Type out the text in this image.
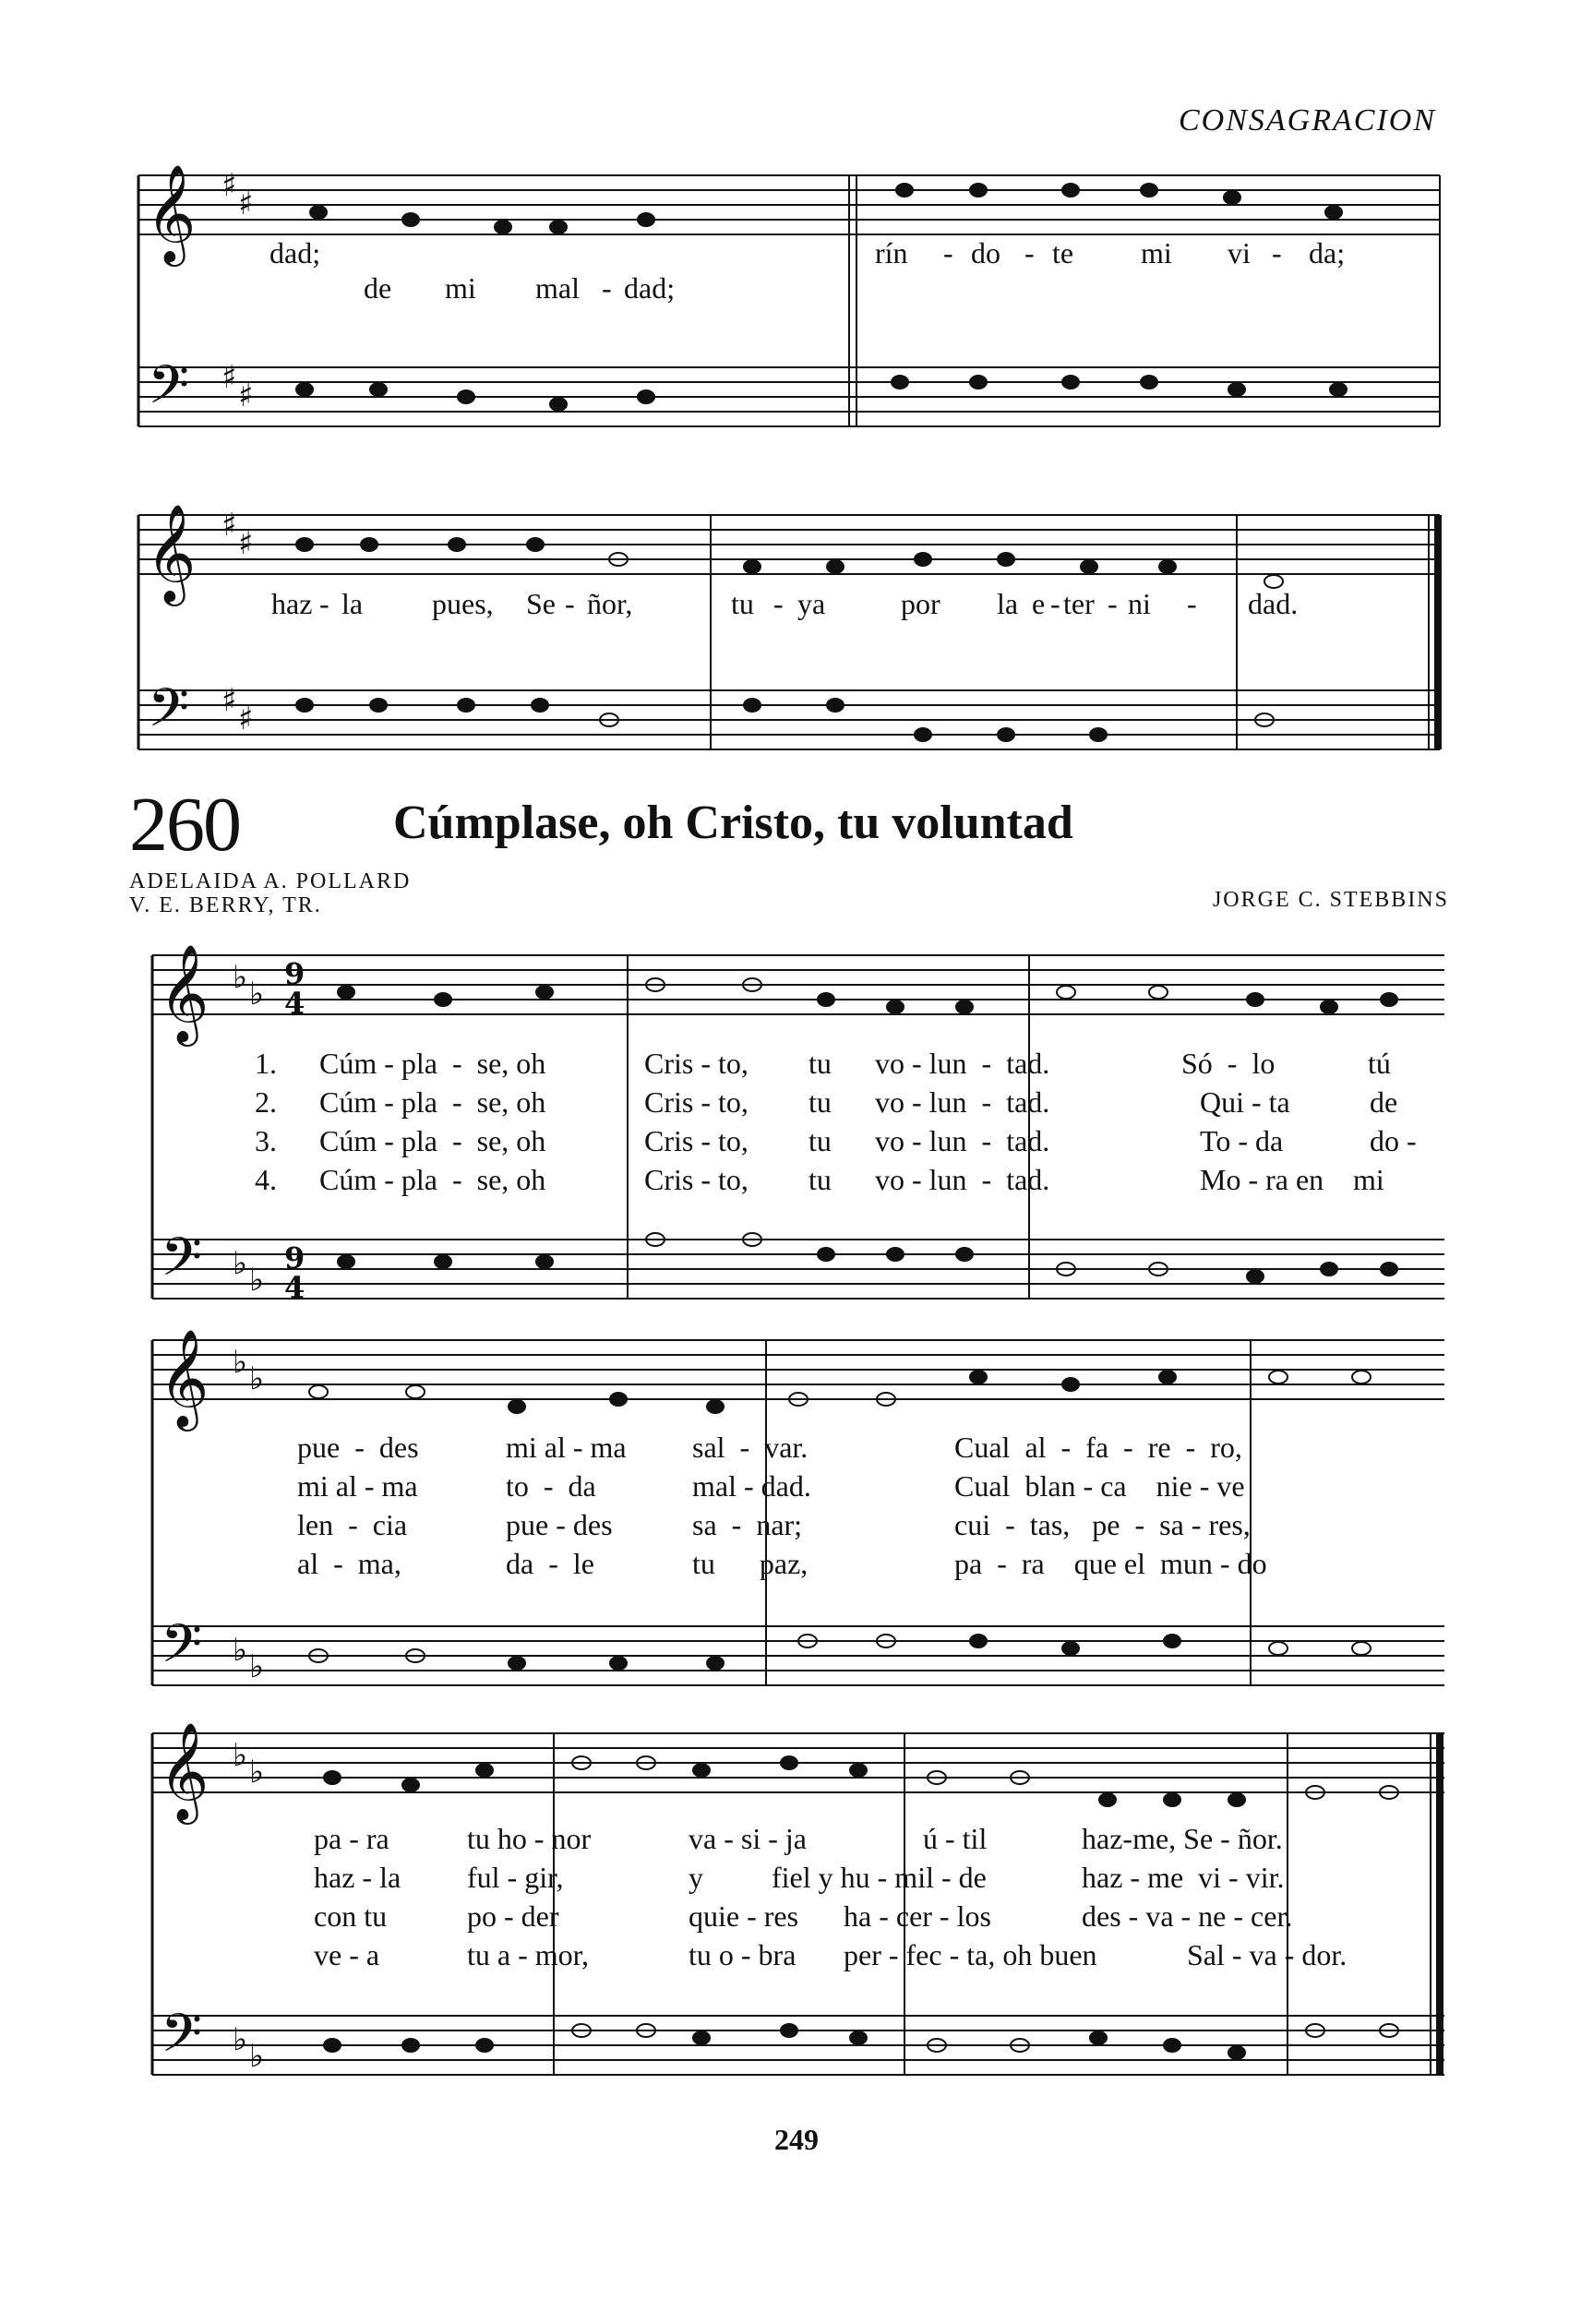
CONSAGRACION
260	Cúmplase, oh Cristo, tu voluntad
ADELAIDA A. POLLARD
V. E. BERRY, TR.	JORGE C. STEBBINS
249
𝄞
𝄢
♯ ♯
♯ ♯
𝄞
𝄢
♯ ♯
♯ ♯
𝄞
𝄢
♭ ♭
♭ ♭
9
4
9
4
𝄞
𝄢
♭ ♭
♭ ♭
𝄞
𝄢
♭ ♭
♭ ♭
dad;	rín - do - te mi vi - da;
de mi mal - dad;
haz - la pues, Se - ñor,	tu - ya	por la e - ter - ni - dad.
1. Cúm - pla  -  se, oh	Cris - to, tu vo - lun  -  tad.	Só  -  lo	tú
2. Cúm - pla  -  se, oh	Cris - to, tu vo - lun  -  tad.	Qui - ta	de
3. Cúm - pla  -  se, oh	Cris - to, tu vo - lun  -  tad.	To - da	do -
4. Cúm - pla  -  se, oh	Cris - to, tu vo - lun  -  tad.	Mo - ra en mi
pue  -  des	mi al - ma sal  -  var.	Cual  al  -  fa  -  re  -  ro,
mi al - ma	to  -  da	mal - dad.	Cual  blan - ca    nie - ve
len  -  cia	pue - des	sa  -  nar;	cui  -  tas,   pe  -  sa - res,
al  -  ma,	da  -  le	tu      paz,	pa  -  ra    que el  mun - do
pa - ra	tu ho - nor	va - si - ja	ú - til	haz-me, Se - ñor.
haz - la ful - gir,	y fiel y hu - mil - de	haz - me  vi - vir.
con tu	po - der	quie - res ha - cer - los	des - va - ne - cer.
ve - a	tu a - mor,	tu o - bra per - fec - ta, oh buen	Sal - va - dor.
